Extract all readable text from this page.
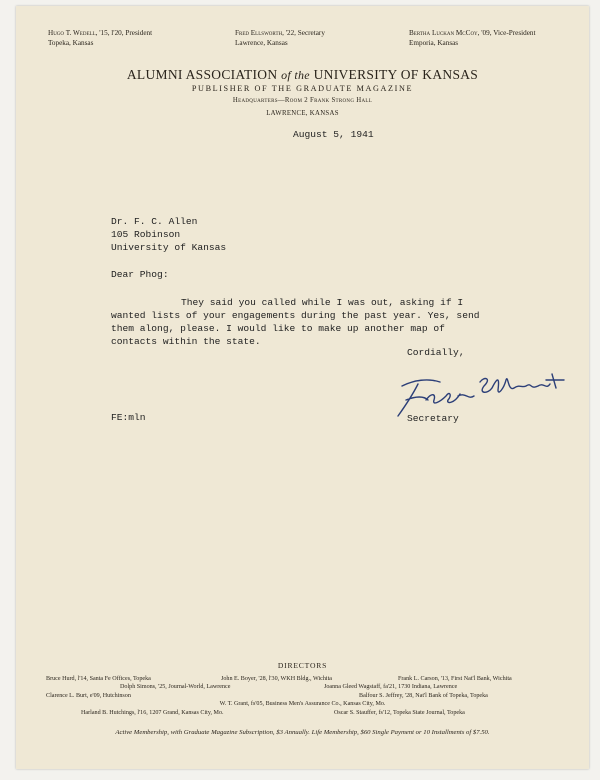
Hugo T. Wedell, '15, l'20, President
Topeka, Kansas
Fred Ellsworth, '22, Secretary
Lawrence, Kansas
Bertha Luckan McCoy, '09, Vice-President
Emporia, Kansas
ALUMNI ASSOCIATION of the UNIVERSITY OF KANSAS
PUBLISHER OF THE GRADUATE MAGAZINE
Headquarters—Room 2 Frank Strong Hall
LAWRENCE, KANSAS
August 5, 1941
Dr. F. C. Allen
105 Robinson
University of Kansas
Dear Phog:
They said you called while I was out, asking if I wanted lists of your engagements during the past year. Yes, send them along, please. I would like to make up another map of contacts within the state.
Cordially,
Secretary
FE:mln
DIRECTORS
Bruce Hurd, l'14, Santa Fe Offices, Topeka	John E. Boyer, '28, l'30, WKH Bldg., Wichita	Frank L. Carson, '13, First Nat'l Bank, Wichita
Dolph Simons, '25, Journal-World, Lawrence	Joanna Gleed Wagstaff, fa'21, 1730 Indiana, Lawrence
Clarence L. Burt, e'09, Hutchinson	Balfour S. Jeffrey, '28, Nat'l Bank of Topeka, Topeka
W. T. Grant, fs'05, Business Men's Assurance Co., Kansas City, Mo.
Harland B. Hutchings, l'16, 1207 Grand, Kansas City, Mo.	Oscar S. Stauffer, fs'12, Topeka State Journal, Topeka
Active Membership, with Graduate Magazine Subscription, $3 Annually. Life Membership, $60 Single Payment or 10 Installments of $7.50.
